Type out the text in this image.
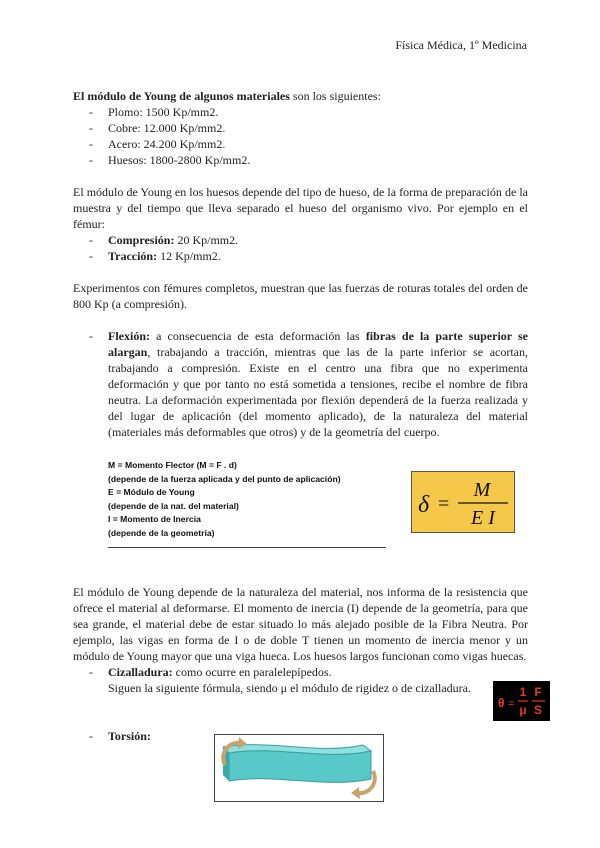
Física Médica, 1º Medicina

El módulo de Young de algunos materiales son los siguientes:

- Plomo: 1500 Kp/mm2.
- Cobre: 12.000 Kp/mm2.
- Acero: 24.200 Kp/mm2.
- Huesos: 1800-2800 Kp/mm2.

El módulo de Young en los huesos depende del tipo de hueso, de la forma de preparación de la muestra y del tiempo que lleva separado el hueso del organismo vivo. Por ejemplo en el fémur:

- Compresión: 20 Kp/mm2.
- Tracción: 12 Kp/mm2.

Experimentos con fémures completos, muestran que las fuerzas de roturas totales del orden de 800 Kp (a compresión).

- Flexión: a consecuencia de esta deformación las fibras de la parte superior se alargan, trabajando a tracción, mientras que las de la parte inferior se acortan, trabajando a compresión. Existe en el centro una fibra que no experimenta deformación y que por tanto no está sometida a tensiones, recibe el nombre de fibra neutra. La deformación experimentada por flexión dependerá de la fuerza realizada y del lugar de aplicación (del momento aplicado), de la naturaleza del material (materiales más deformables que otros) y de la geometría del cuerpo.
M = Momento Flector (M = F . d)
(depende de la fuerza aplicada y del punto de aplicación)
E = Módulo de Young
(depende de la nat. del material)
I = Momento de Inercia
(depende de la geometría)
δ =
M
E I

El módulo de Young depende de la naturaleza del material, nos informa de la resistencia que ofrece el material al deformarse. El momento de inercia (I) depende de la geometría, para que sea grande, el material debe de estar situado lo más alejado posible de la Fibra Neutra. Por ejemplo, las vigas en forma de I o de doble T tienen un momento de inercia menor y un módulo de Young mayor que una viga hueca. Los huesos largos funcionan como vigas huecas.

- Cizalladura: como ocurre en paralelepípedos.
Siguen la siguiente fórmula, siendo μ el módulo de rigidez o de cizalladura.
θ =
1
μ
F
S
- Torsión:
